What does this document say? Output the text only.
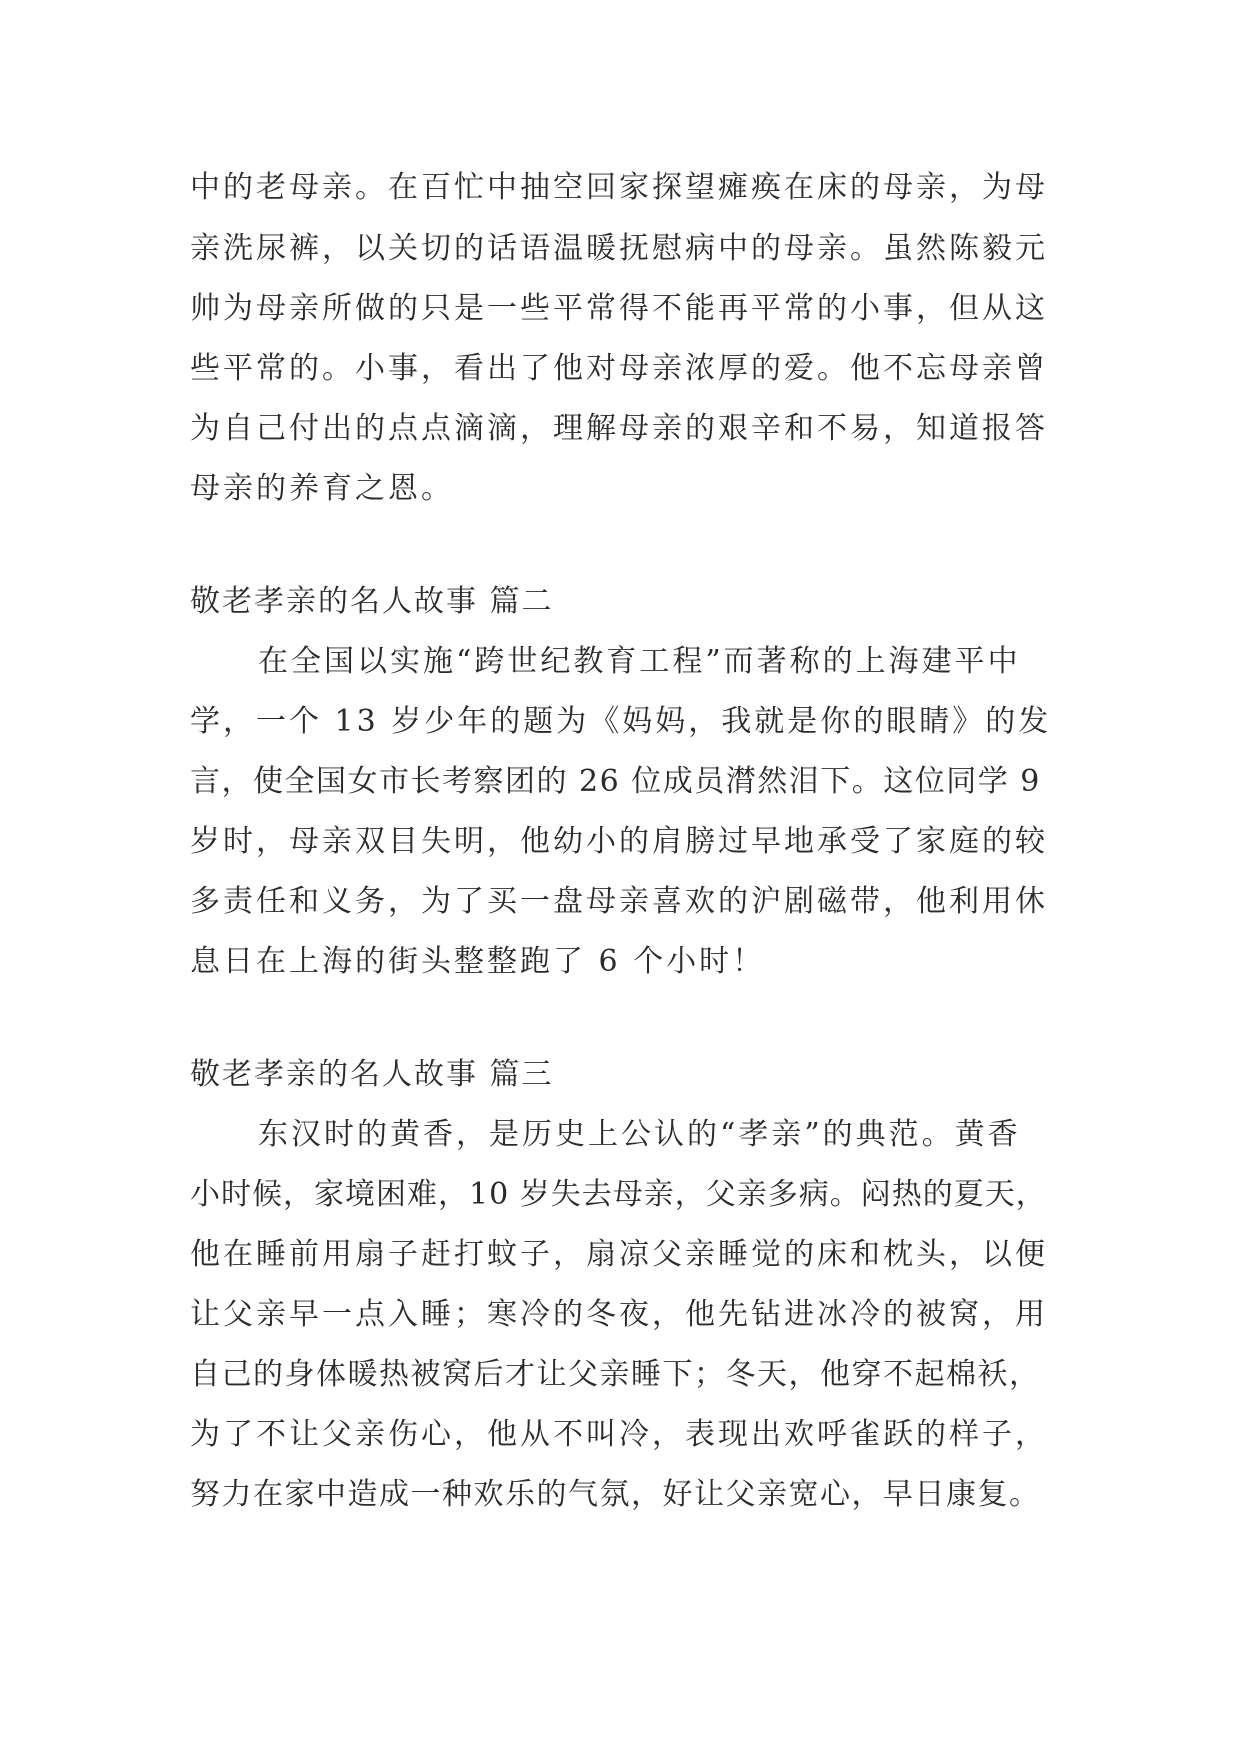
中的老母亲。在百忙中抽空回家探望瘫痪在床的母亲，为母
亲洗尿裤，以关切的话语温暖抚慰病中的母亲。虽然陈毅元
帅为母亲所做的只是一些平常得不能再平常的小事，但从这
些平常的。小事，看出了他对母亲浓厚的爱。他不忘母亲曾
为自己付出的点点滴滴，理解母亲的艰辛和不易，知道报答
母亲的养育之恩。
敬老孝亲的名人故事 篇二
在全国以实施“跨世纪教育工程”而著称的上海建平中
学，一个 13 岁少年的题为《妈妈，我就是你的眼睛》的发
言，使全国女市长考察团的 26 位成员潸然泪下。这位同学 9
岁时，母亲双目失明，他幼小的肩膀过早地承受了家庭的较
多责任和义务，为了买一盘母亲喜欢的沪剧磁带，他利用休
息日在上海的街头整整跑了 6 个小时！
敬老孝亲的名人故事 篇三
东汉时的黄香，是历史上公认的“孝亲”的典范。黄香
小时候，家境困难，10 岁失去母亲，父亲多病。闷热的夏天，
他在睡前用扇子赶打蚊子，扇凉父亲睡觉的床和枕头，以便
让父亲早一点入睡；寒冷的冬夜，他先钻进冰冷的被窝，用
自己的身体暖热被窝后才让父亲睡下；冬天，他穿不起棉袄，
为了不让父亲伤心，他从不叫冷，表现出欢呼雀跃的样子，
努力在家中造成一种欢乐的气氛，好让父亲宽心，早日康复。
